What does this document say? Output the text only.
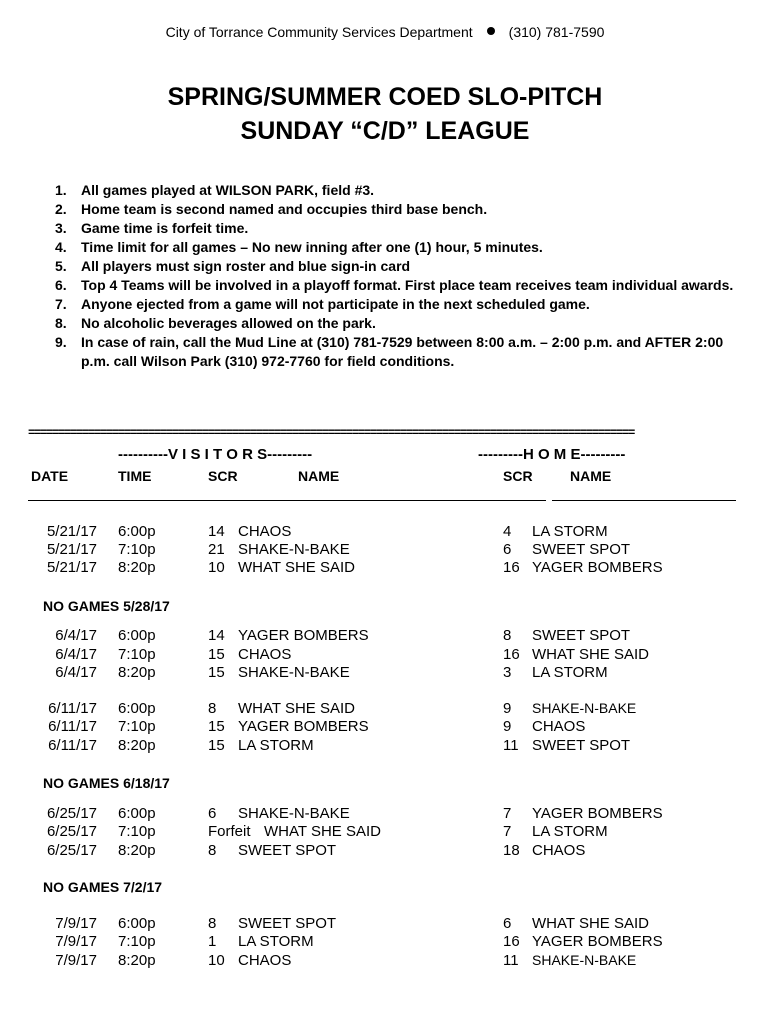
City of Torrance Community Services Department	(310) 781-7590
SPRING/SUMMER COED SLO-PITCH
SUNDAY “C/D” LEAGUE
1. All games played at WILSON PARK, field #3.
2. Home team is second named and occupies third base bench.
3. Game time is forfeit time.
4. Time limit for all games – No new inning after one (1) hour, 5 minutes.
5. All players must sign roster and blue sign-in card
6. Top 4 Teams will be involved in a playoff format. First place team receives team individual awards.
7. Anyone ejected from a game will not participate in the next scheduled game.
8. No alcoholic beverages allowed on the park.
9. In case of rain, call the Mud Line at (310) 781-7529 between 8:00 a.m. – 2:00 p.m. and AFTER 2:00 p.m. call Wilson Park (310) 972-7760 for field conditions.
=====================================================================================================
----------V I S I T O R S---------	---------H O M E---------
DATE	TIME	SCR	NAME	SCR	NAME
5/21/17 6:00p	14 CHAOS	4 LA STORM
5/21/17 7:10p	21 SHAKE-N-BAKE	6 SWEET SPOT
5/21/17 8:20p	10 WHAT SHE SAID	16 YAGER BOMBERS
NO GAMES 5/28/17
6/4/17 6:00p	14 YAGER BOMBERS	8 SWEET SPOT
6/4/17 7:10p	15 CHAOS	16 WHAT SHE SAID
6/4/17 8:20p	15 SHAKE-N-BAKE	3 LA STORM
6/11/17 6:00p	8 WHAT SHE SAID	9 SHAKE-N-BAKE
6/11/17 7:10p	15 YAGER BOMBERS	9 CHAOS
6/11/17 8:20p	15 LA STORM	11 SWEET SPOT
NO GAMES 6/18/17
6/25/17 6:00p	6 SHAKE-N-BAKE	7 YAGER BOMBERS
6/25/17 7:10p	Forfeit WHAT SHE SAID	7 LA STORM
6/25/17 8:20p	8 SWEET SPOT	18 CHAOS
NO GAMES 7/2/17
7/9/17 6:00p	8 SWEET SPOT	6 WHAT SHE SAID
7/9/17 7:10p	1 LA STORM	16 YAGER BOMBERS
7/9/17 8:20p	10 CHAOS	11 SHAKE-N-BAKE
